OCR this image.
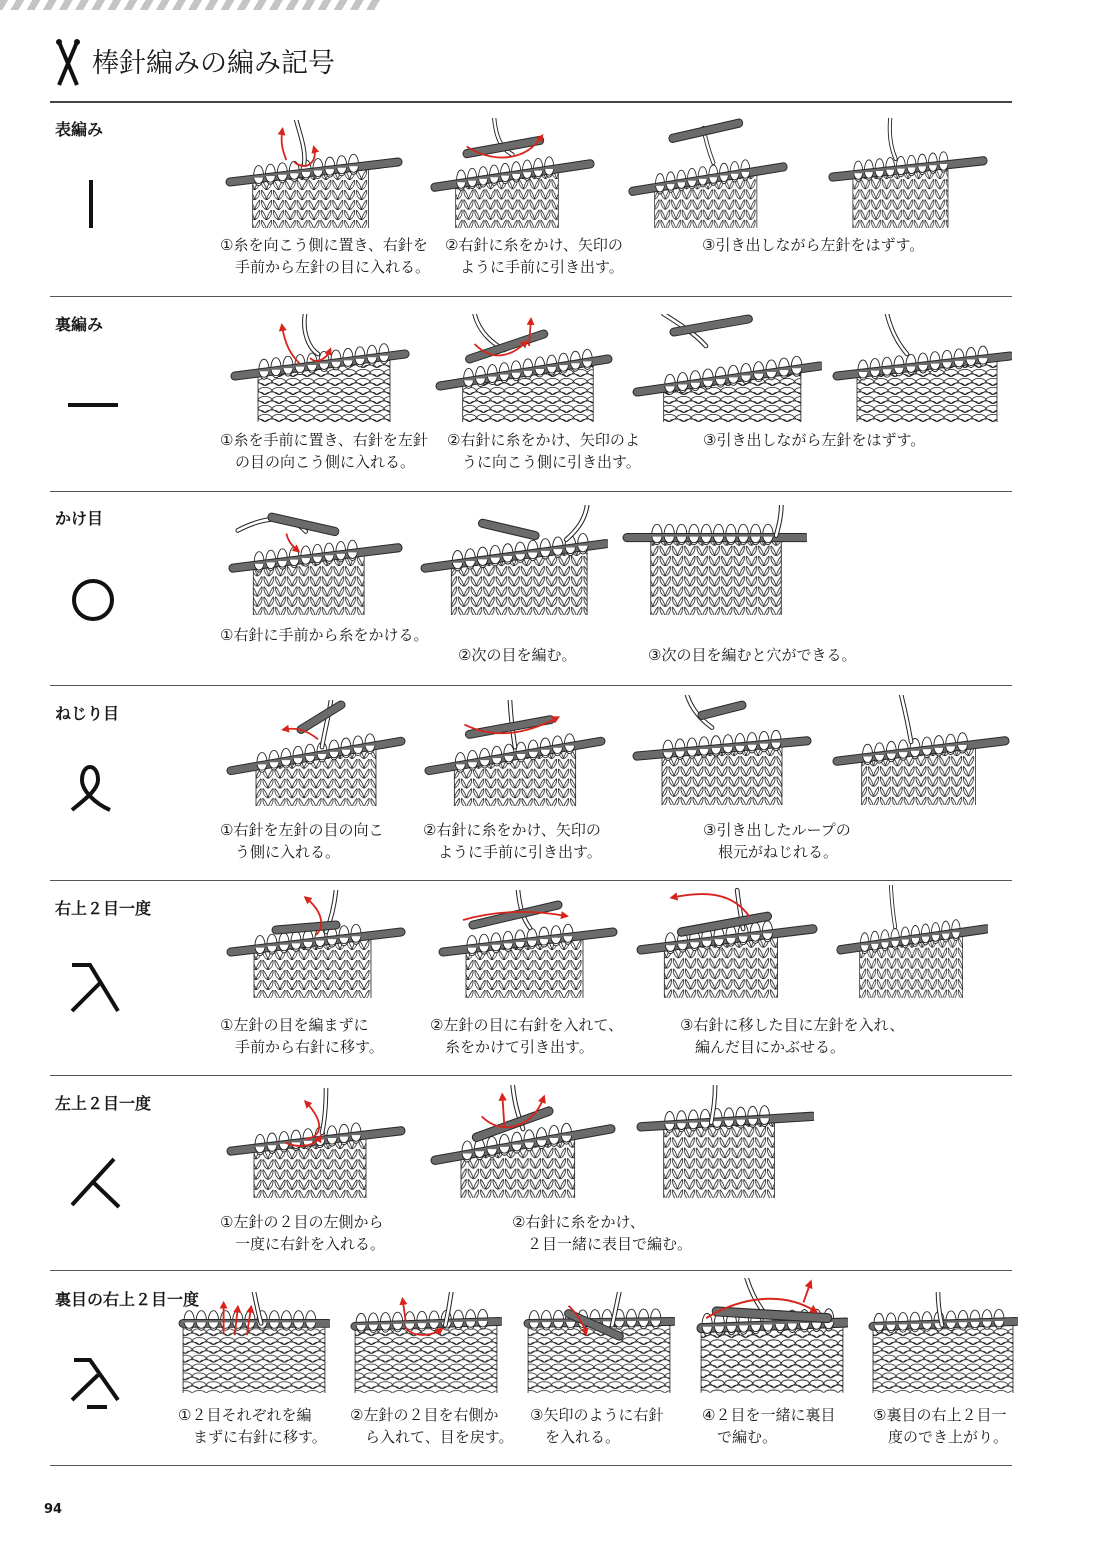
棒針編みの編み記号
表編み
①糸を向こう側に置き、右針を
手前から左針の目に入れる。
②右針に糸をかけ、矢印の
ように手前に引き出す。
③引き出しながら左針をはずす。
裏編み
①糸を手前に置き、右針を左針
の目の向こう側に入れる。
②右針に糸をかけ、矢印のよ
うに向こう側に引き出す。
③引き出しながら左針をはずす。
かけ目
①右針に手前から糸をかける。
②次の目を編む。	③次の目を編むと穴ができる。
ねじり目
①右針を左針の目の向こ
う側に入れる。
②右針に糸をかけ、矢印の
ように手前に引き出す。
③引き出したループの
根元がねじれる。
右上２目一度
①左針の目を編まずに
手前から右針に移す。
②左針の目に右針を入れて、
糸をかけて引き出す。
③右針に移した目に左針を入れ、
編んだ目にかぶせる。
左上２目一度
①左針の２目の左側から
一度に右針を入れる。
②右針に糸をかけ、
２目一緒に表目で編む。
裏目の右上２目一度
①２目それぞれを編
まずに右針に移す。
②左針の２目を右側か
ら入れて、目を戻す。
③矢印のように右針
を入れる。
④２目を一緒に裏目
で編む。
⑤裏目の右上２目一
度のでき上がり。
94
